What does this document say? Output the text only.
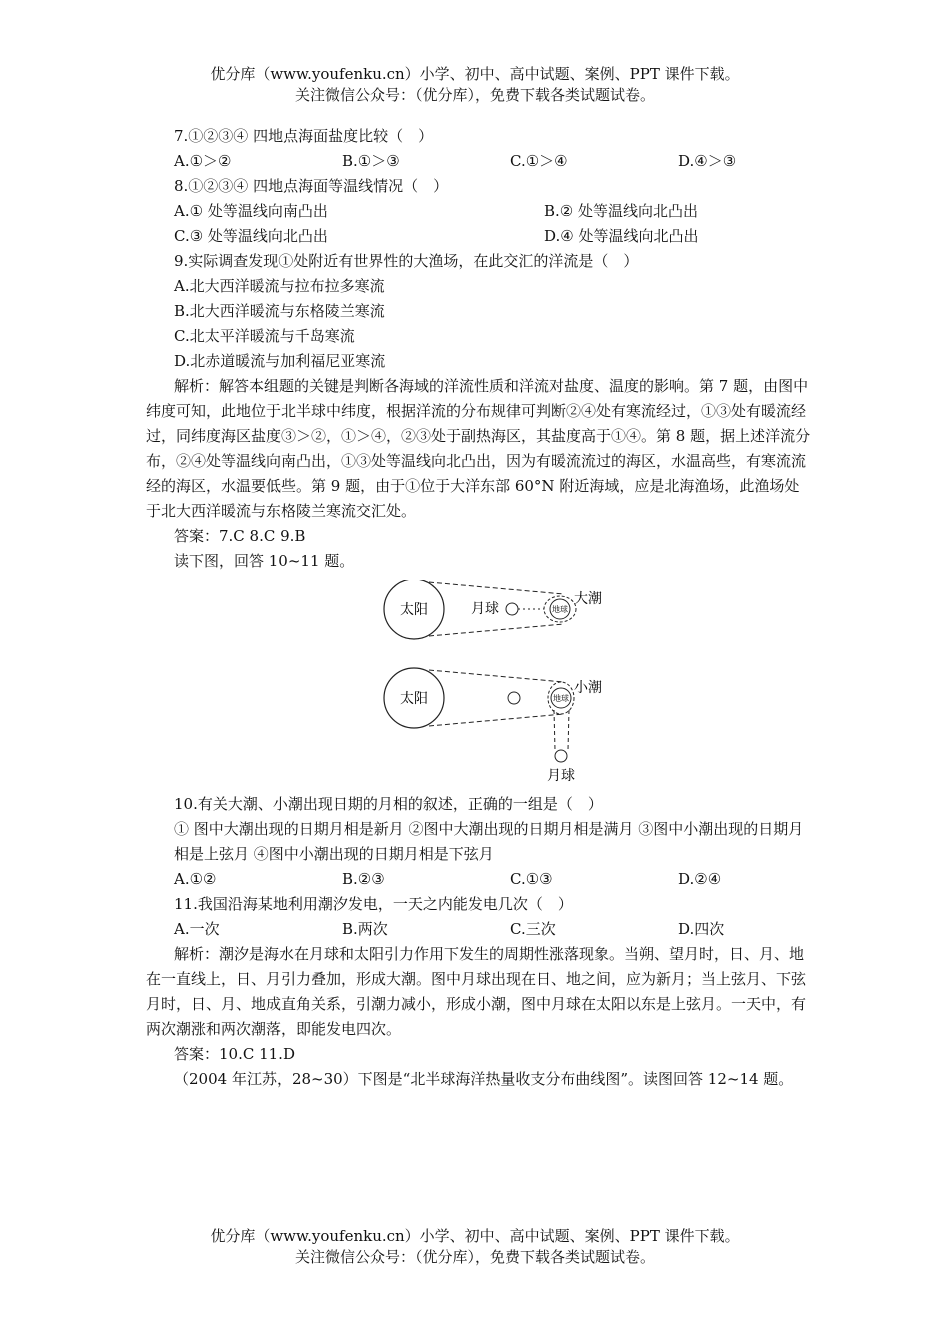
优分库（www.youfenku.cn）小学、初中、高中试题、案例、PPT 课件下载。
关注微信公众号：（优分库），免费下载各类试题试卷。

7.①②③④ 四地点海面盐度比较（　）

A.①＞②	B.①＞③	C.①＞④	D.④＞③

8.①②③④ 四地点海面等温线情况（　）

A.① 处等温线向南凸出	B.② 处等温线向北凸出
C.③ 处等温线向北凸出	D.④ 处等温线向北凸出

9.实际调查发现①处附近有世界性的大渔场，在此交汇的洋流是（　）

A.北大西洋暖流与拉布拉多寒流

B.北大西洋暖流与东格陵兰寒流

C.北太平洋暖流与千岛寒流

D.北赤道暖流与加利福尼亚寒流

解析：解答本组题的关键是判断各海域的洋流性质和洋流对盐度、温度的影响。第 7 题，由图中纬度可知，此地位于北半球中纬度，根据洋流的分布规律可判断②④处有寒流经过，①③处有暖流经过，同纬度海区盐度③＞②，①＞④，②③处于副热海区，其盐度高于①④。第 8 题，据上述洋流分布，②④处等温线向南凸出，①③处等温线向北凸出，因为有暖流流过的海区，水温高些，有寒流流经的海区，水温要低些。第 9 题，由于①位于大洋东部 60°N 附近海域，应是北海渔场，此渔场处于北大西洋暖流与东格陵兰寒流交汇处。

答案：7.C 8.C 9.B

读下图，回答 10~11 题。

太阳	月球	地球
大潮
太阳	地球
月球
小潮

10.有关大潮、小潮出现日期的月相的叙述，正确的一组是（　）

① 图中大潮出现的日期月相是新月 ②图中大潮出现的日期月相是满月 ③图中小潮出现的日期月相是上弦月 ④图中小潮出现的日期月相是下弦月

A.①②	B.②③	C.①③	D.②④

11.我国沿海某地利用潮汐发电，一天之内能发电几次（　）

A.一次	B.两次	C.三次	D.四次

解析：潮汐是海水在月球和太阳引力作用下发生的周期性涨落现象。当朔、望月时，日、月、地在一直线上，日、月引力叠加，形成大潮。图中月球出现在日、地之间，应为新月；当上弦月、下弦月时，日、月、地成直角关系，引潮力减小，形成小潮，图中月球在太阳以东是上弦月。一天中，有两次潮涨和两次潮落，即能发电四次。

答案：10.C 11.D

（2004 年江苏，28~30）下图是“北半球海洋热量收支分布曲线图”。读图回答 12~14 题。

优分库（www.youfenku.cn）小学、初中、高中试题、案例、PPT 课件下载。
关注微信公众号：（优分库），免费下载各类试题试卷。
